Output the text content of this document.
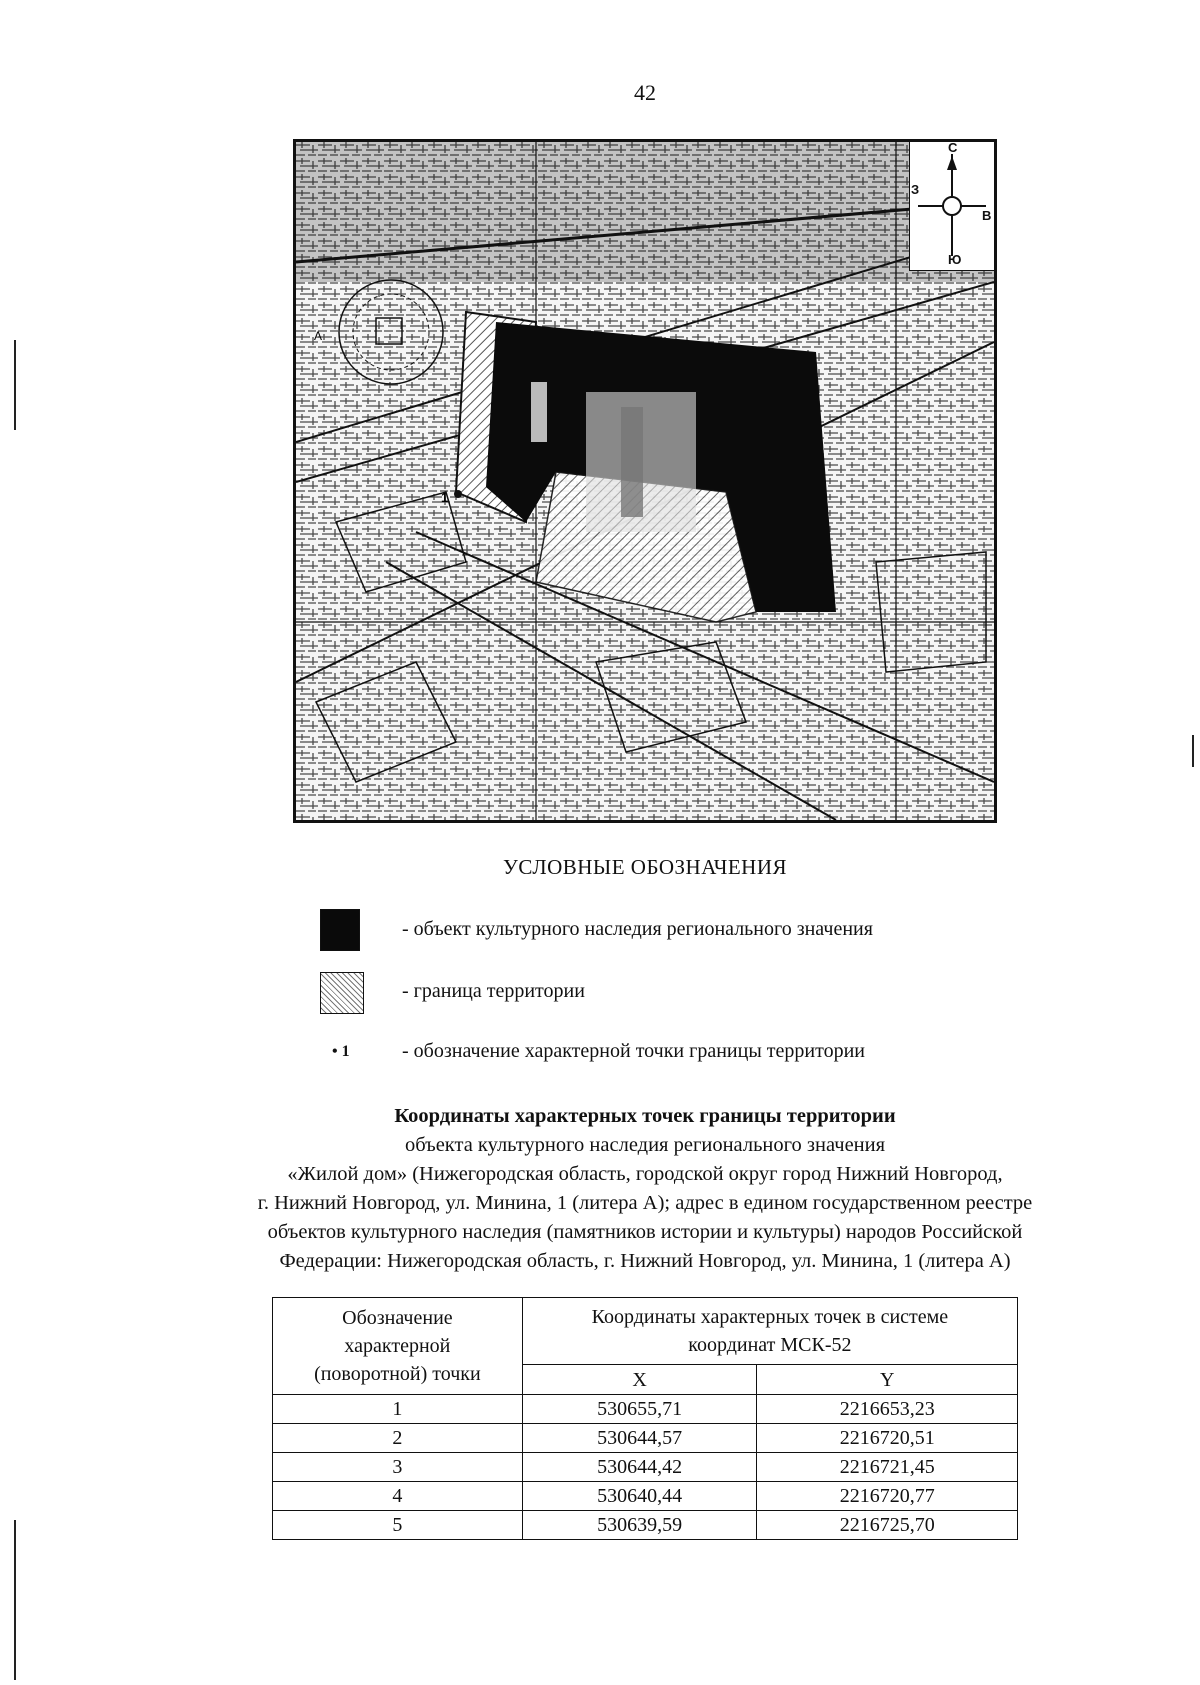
42
1
А
С
Ю
З
В
УСЛОВНЫЕ ОБОЗНАЧЕНИЯ
- объект культурного наследия регионального значения
- граница территории
• 1	- обозначение характерной точки границы территории
Координаты характерных точек границы территории
объекта культурного наследия регионального значения
«Жилой дом» (Нижегородская область, городской округ город Нижний Новгород,
г. Нижний Новгород, ул. Минина, 1 (литера А); адрес в едином государственном реестре
объектов культурного наследия (памятников истории и культуры) народов Российской
Федерации: Нижегородская область, г. Нижний Новгород, ул. Минина, 1 (литера А)
Обозначение характерной (поворотной) точки	Координаты характерных точек в системе координат МСК-52	
	X	Y
1	530655,71	2216653,23
2	530644,57	2216720,51
3	530644,42	2216721,45
4	530640,44	2216720,77
5	530639,59	2216725,70
